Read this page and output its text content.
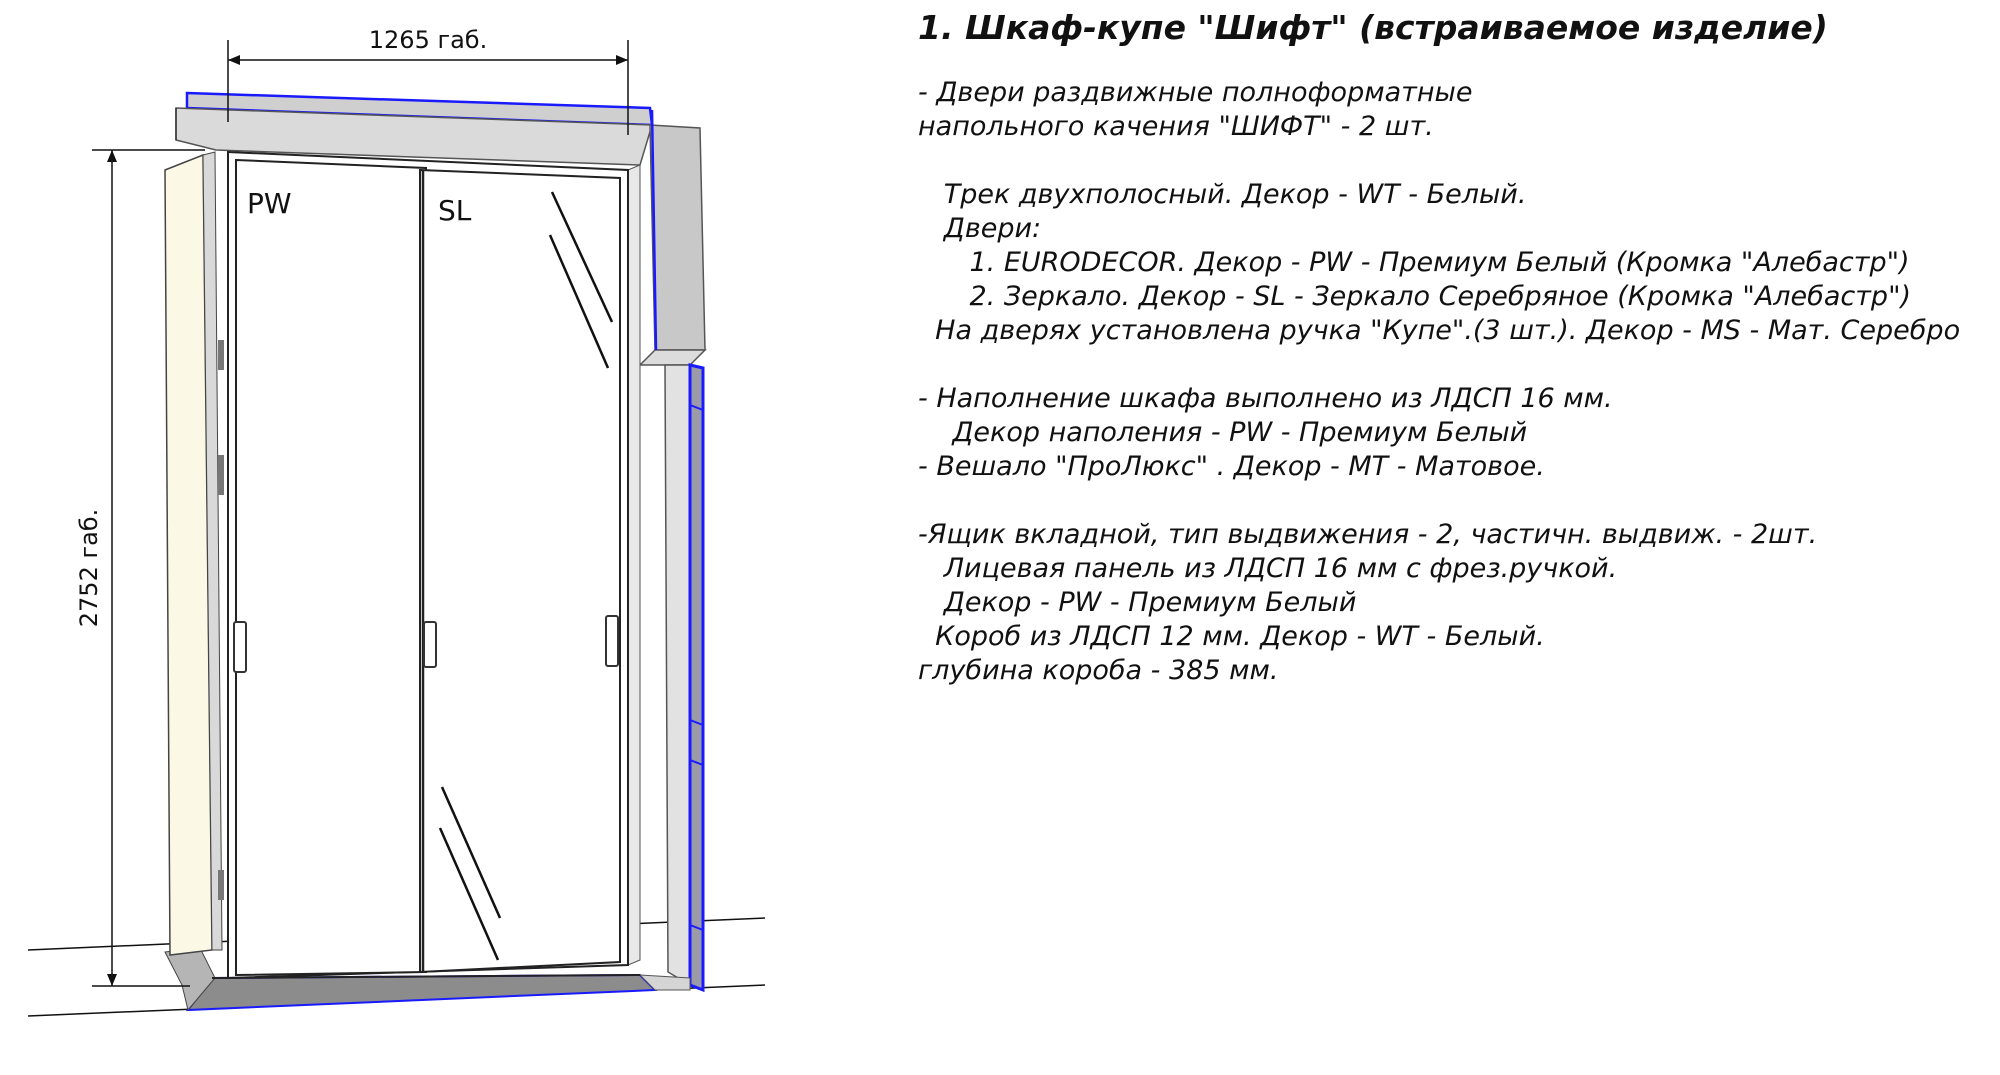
1265 габ.
2752 габ.
PW	SL
1. Шкаф-купе "Шифт" (встраиваемое изделие)
- Двери раздвижные полноформатные
напольного качения "ШИФТ" - 2 шт.
Трек двухполосный. Декор - WT - Белый.
Двери:
1. EURODECOR. Декор - PW - Премиум Белый (Кромка "Алебастр")
2. Зеркало. Декор - SL - Зеркало Серебряное (Кромка "Алебастр")
На дверях установлена ручка "Купе".(3 шт.). Декор - MS - Мат. Серебро
- Наполнение шкафа выполнено из ЛДСП 16 мм.
Декор наполения - PW - Премиум Белый
- Вешало "ПроЛюкс" . Декор - МТ - Матовое.
-Ящик вкладной, тип выдвижения - 2, частичн. выдвиж. - 2шт.
Лицевая панель из ЛДСП 16 мм с фрез.ручкой.
Декор - PW - Премиум Белый
Короб из ЛДСП 12 мм. Декор - WT - Белый.
глубина короба - 385 мм.
